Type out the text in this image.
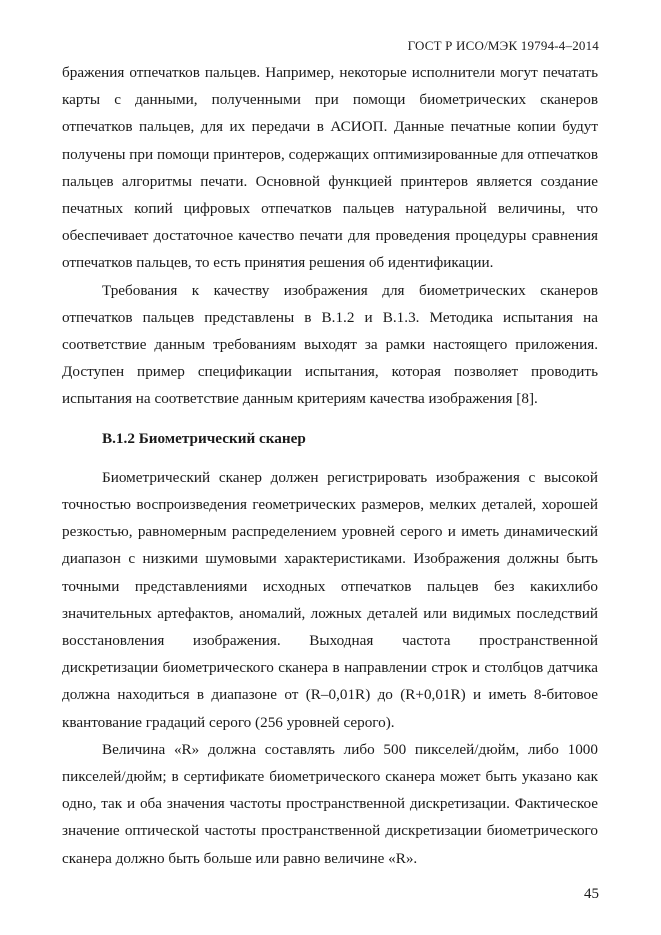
ГОСТ Р ИСО/МЭК 19794-4–2014

бражения отпечатков пальцев. Например, некоторые исполнители могут печатать карты с данными, полученными при помощи биометрических сканеров отпечатков пальцев, для их передачи в АСИОП. Данные печатные копии будут получены при помощи принтеров, содержащих оптимизированные для отпечатков пальцев алгоритмы печати. Основной функцией принтеров является создание печатных копий цифровых отпечатков пальцев натуральной величины, что обеспечивает достаточное качество печати для проведения процедуры сравнения отпечатков пальцев, то есть принятия решения об идентификации.

Требования к качеству изображения для биометрических сканеров отпечатков пальцев представлены в В.1.2 и В.1.3. Методика испытания на соответствие данным требованиям выходят за рамки настоящего приложения. Доступен пример спецификации испытания, которая позволяет проводить испытания на соответствие данным критериям качества изображения [8].

В.1.2 Биометрический сканер

Биометрический сканер должен регистрировать изображения с высокой точностью воспроизведения геометрических размеров, мелких деталей, хорошей резкостью, равномерным распределением уровней серого и иметь динамический диапазон с низкими шумовыми характеристиками. Изображения должны быть точными представлениями исходных отпечатков пальцев без какихлибо значительных артефактов, аномалий, ложных деталей или видимых последствий восстановления изображения. Выходная частота пространственной дискретизации биометрического сканера в направлении строк и столбцов датчика должна находиться в диапазоне от (R–0,01R) до (R+0,01R) и иметь 8-битовое квантование градаций серого (256 уровней серого).

Величина «R» должна составлять либо 500 пикселей/дюйм, либо 1000 пикселей/дюйм; в сертификате биометрического сканера может быть указано как одно, так и оба значения частоты пространственной дискретизации. Фактическое значение оптической частоты пространственной дискретизации биометрического сканера должно быть больше или равно величине «R».

45
